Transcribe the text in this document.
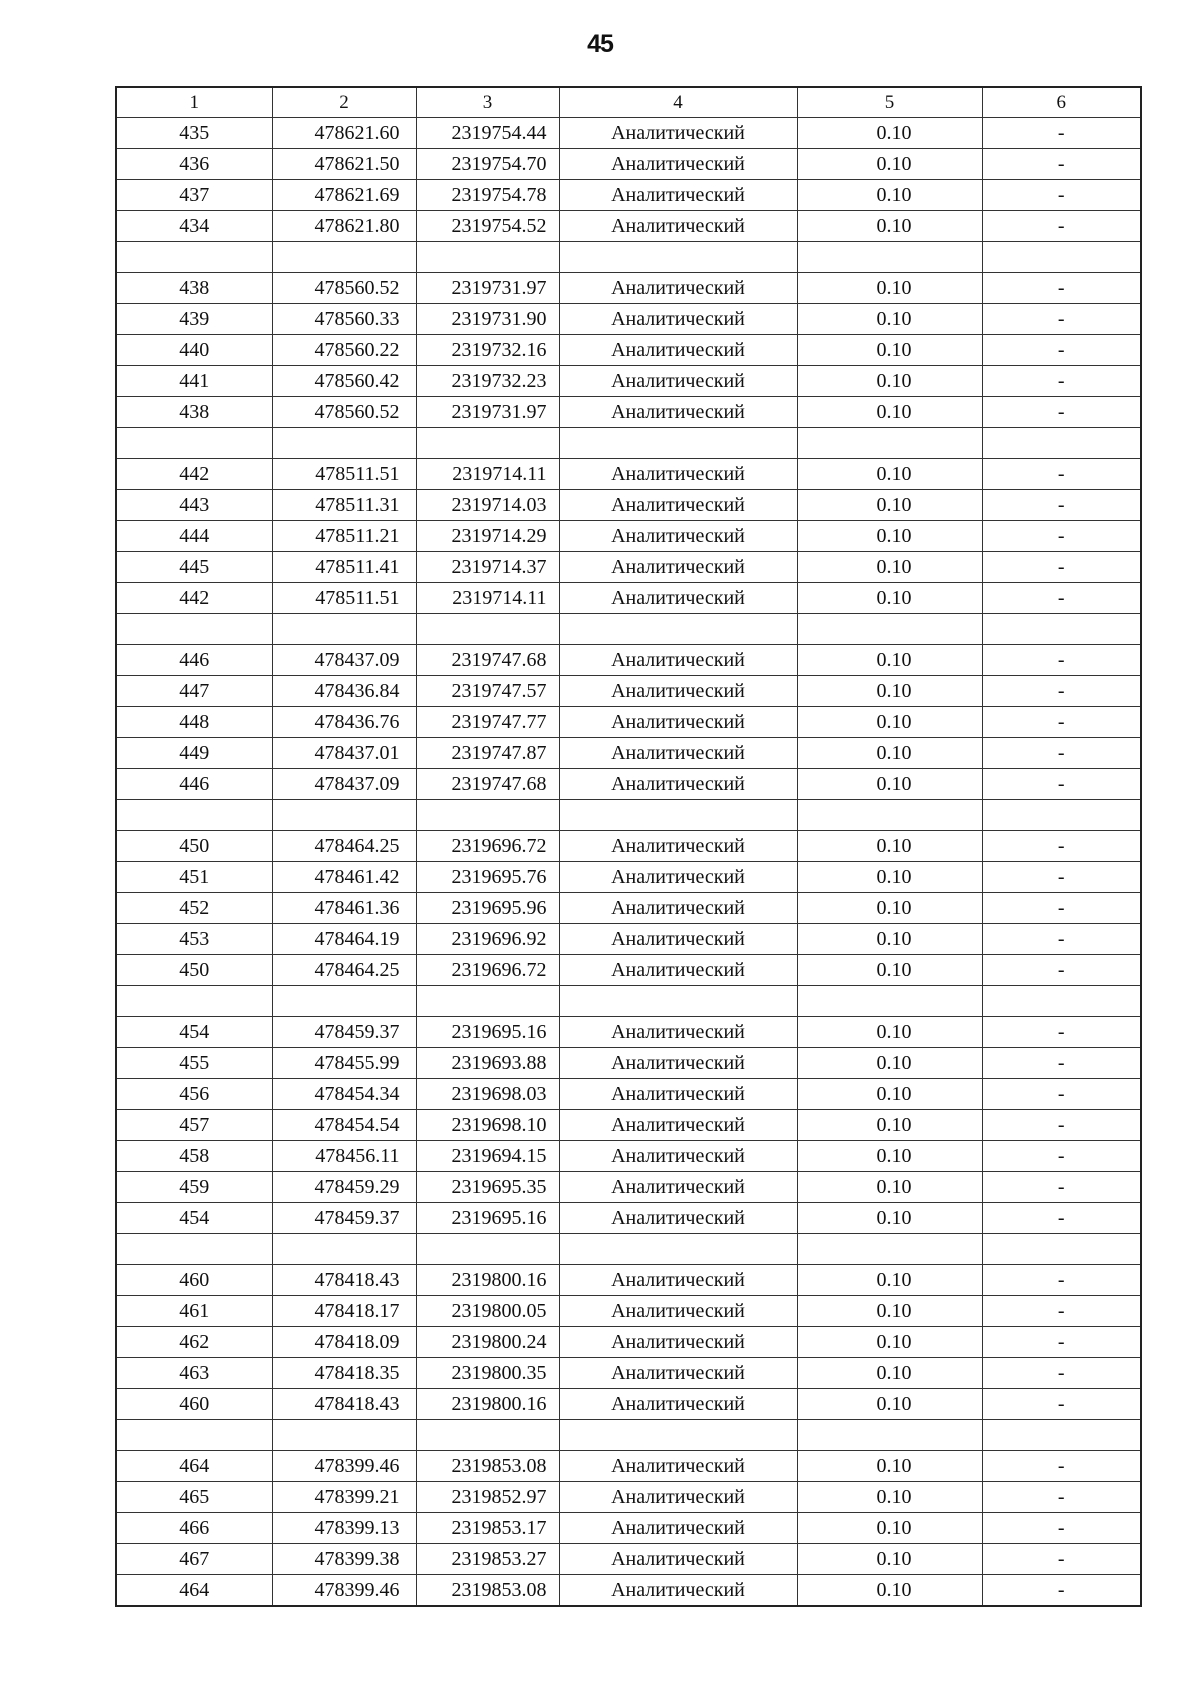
45
1	2	3	4	5	6
435	478621.60	2319754.44	Аналитический	0.10	-
436	478621.50	2319754.70	Аналитический	0.10	-
437	478621.69	2319754.78	Аналитический	0.10	-
434	478621.80	2319754.52	Аналитический	0.10	-

438	478560.52	2319731.97	Аналитический	0.10	-
439	478560.33	2319731.90	Аналитический	0.10	-
440	478560.22	2319732.16	Аналитический	0.10	-
441	478560.42	2319732.23	Аналитический	0.10	-
438	478560.52	2319731.97	Аналитический	0.10	-

442	478511.51	2319714.11	Аналитический	0.10	-
443	478511.31	2319714.03	Аналитический	0.10	-
444	478511.21	2319714.29	Аналитический	0.10	-
445	478511.41	2319714.37	Аналитический	0.10	-
442	478511.51	2319714.11	Аналитический	0.10	-

446	478437.09	2319747.68	Аналитический	0.10	-
447	478436.84	2319747.57	Аналитический	0.10	-
448	478436.76	2319747.77	Аналитический	0.10	-
449	478437.01	2319747.87	Аналитический	0.10	-
446	478437.09	2319747.68	Аналитический	0.10	-

450	478464.25	2319696.72	Аналитический	0.10	-
451	478461.42	2319695.76	Аналитический	0.10	-
452	478461.36	2319695.96	Аналитический	0.10	-
453	478464.19	2319696.92	Аналитический	0.10	-
450	478464.25	2319696.72	Аналитический	0.10	-

454	478459.37	2319695.16	Аналитический	0.10	-
455	478455.99	2319693.88	Аналитический	0.10	-
456	478454.34	2319698.03	Аналитический	0.10	-
457	478454.54	2319698.10	Аналитический	0.10	-
458	478456.11	2319694.15	Аналитический	0.10	-
459	478459.29	2319695.35	Аналитический	0.10	-
454	478459.37	2319695.16	Аналитический	0.10	-

460	478418.43	2319800.16	Аналитический	0.10	-
461	478418.17	2319800.05	Аналитический	0.10	-
462	478418.09	2319800.24	Аналитический	0.10	-
463	478418.35	2319800.35	Аналитический	0.10	-
460	478418.43	2319800.16	Аналитический	0.10	-

464	478399.46	2319853.08	Аналитический	0.10	-
465	478399.21	2319852.97	Аналитический	0.10	-
466	478399.13	2319853.17	Аналитический	0.10	-
467	478399.38	2319853.27	Аналитический	0.10	-
464	478399.46	2319853.08	Аналитический	0.10	-
